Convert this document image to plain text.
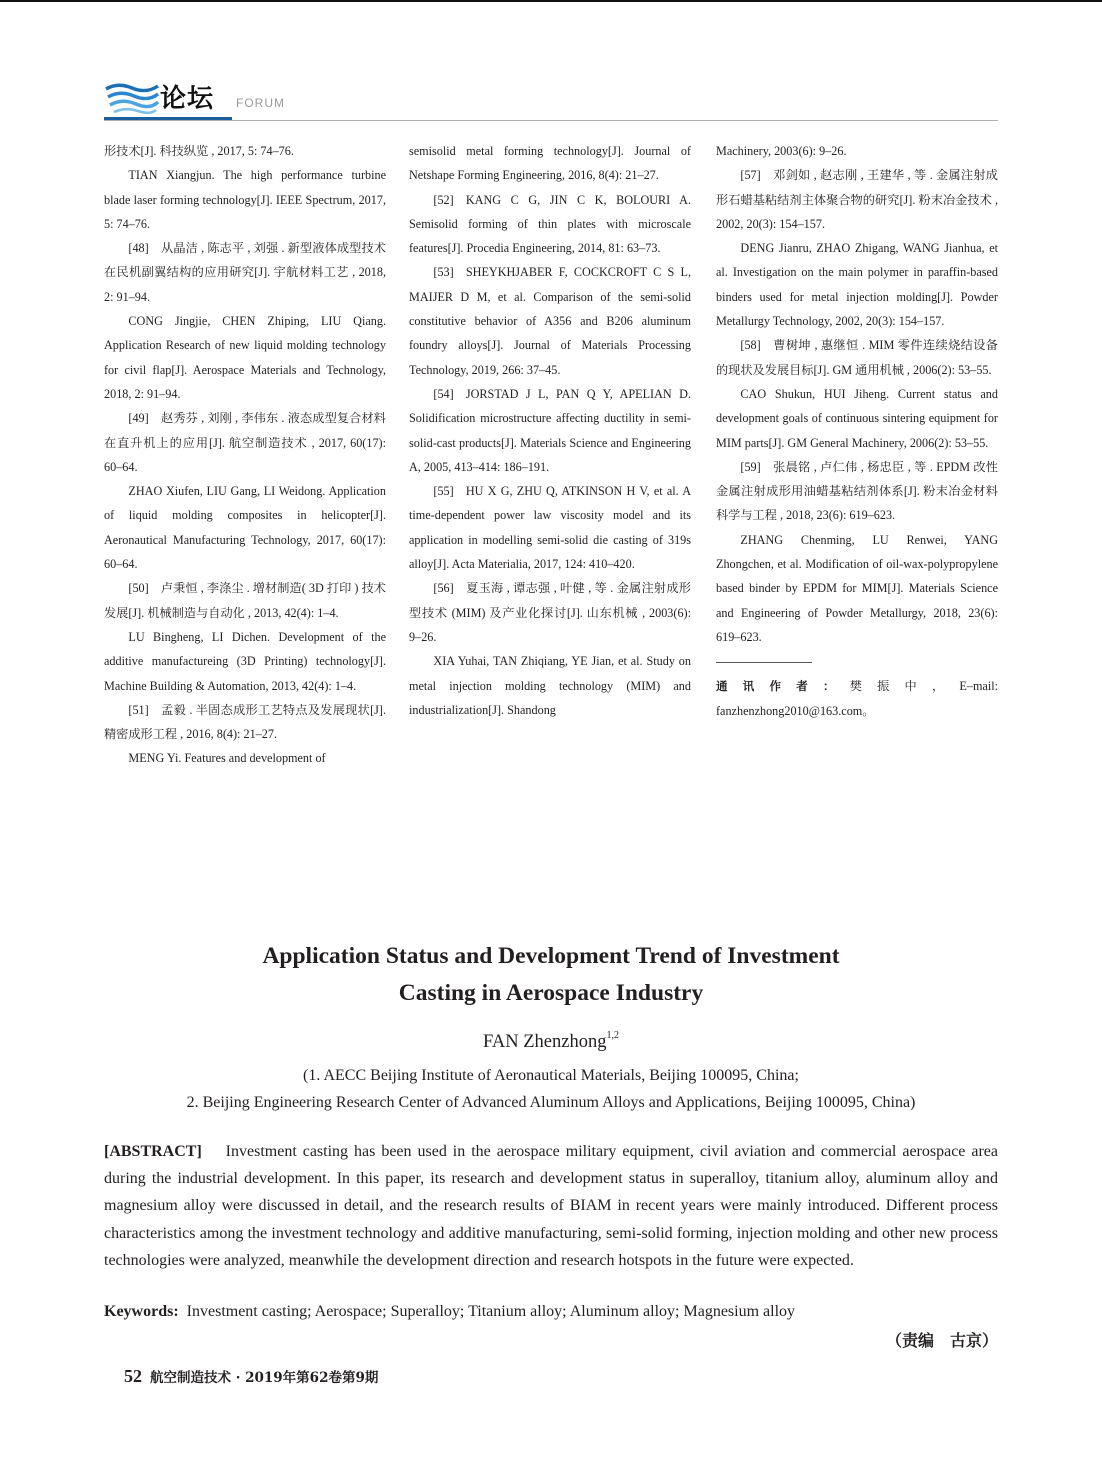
论坛 FORUM

形技术[J]. 科技纵览 , 2017, 5: 74–76.

TIAN Xiangjun. The high performance turbine blade laser forming technology[J]. IEEE Spectrum, 2017, 5: 74–76.

[48] 从晶洁 , 陈志平 , 刘强 . 新型液体成型技术在民机副翼结构的应用研究[J]. 宇航材料工艺 , 2018, 2: 91–94.

CONG Jingjie, CHEN Zhiping, LIU Qiang. Application Research of new liquid molding technology for civil flap[J]. Aerospace Materials and Technology, 2018, 2: 91–94.

[49] 赵秀芬 , 刘刚 , 李伟东 . 液态成型复合材料在直升机上的应用[J]. 航空制造技术 , 2017, 60(17): 60–64.

ZHAO Xiufen, LIU Gang, LI Weidong. Application of liquid molding composites in helicopter[J]. Aeronautical Manufacturing Technology, 2017, 60(17): 60–64.

[50] 卢秉恒 , 李涤尘 . 增材制造( 3D 打印 ) 技术发展[J]. 机械制造与自动化 , 2013, 42(4): 1–4.

LU Bingheng, LI Dichen. Development of the additive manufactureing (3D Printing) technology[J]. Machine Building & Automation, 2013, 42(4): 1–4.

[51] 孟毅 . 半固态成形工艺特点及发展现状[J]. 精密成形工程 , 2016, 8(4): 21–27.

MENG Yi. Features and development of

semisolid metal forming technology[J]. Journal of Netshape Forming Engineering, 2016, 8(4): 21–27.

[52] KANG C G, JIN C K, BOLOURI A. Semisolid forming of thin plates with microscale features[J]. Procedia Engineering, 2014, 81: 63–73.

[53] SHEYKHJABER F, COCKCROFT C S L, MAIJER D M, et al. Comparison of the semi-solid constitutive behavior of A356 and B206 aluminum foundry alloys[J]. Journal of Materials Processing Technology, 2019, 266: 37–45.

[54] JORSTAD J L, PAN Q Y, APELIAN D. Solidification microstructure affecting ductility in semi-solid-cast products[J]. Materials Science and Engineering A, 2005, 413–414: 186–191.

[55] HU X G, ZHU Q, ATKINSON H V, et al. A time-dependent power law viscosity model and its application in modelling semi-solid die casting of 319s alloy[J]. Acta Materialia, 2017, 124: 410–420.

[56] 夏玉海 , 谭志强 , 叶健 , 等 . 金属注射成形型技术 (MIM) 及产业化探讨[J]. 山东机械 , 2003(6): 9–26.

XIA Yuhai, TAN Zhiqiang, YE Jian, et al. Study on metal injection molding technology (MIM) and industrialization[J]. Shandong

Machinery, 2003(6): 9–26.

[57] 邓剑如 , 赵志刚 , 王建华 , 等 . 金属注射成形石蜡基粘结剂主体聚合物的研究[J]. 粉末冶金技术 , 2002, 20(3): 154–157.

DENG Jianru, ZHAO Zhigang, WANG Jianhua, et al. Investigation on the main polymer in paraffin-based binders used for metal injection molding[J]. Powder Metallurgy Technology, 2002, 20(3): 154–157.

[58] 曹树坤 , 惠继恒 . MIM 零件连续烧结设备的现状及发展目标[J]. GM 通用机械 , 2006(2): 53–55.

CAO Shukun, HUI Jiheng. Current status and development goals of continuous sintering equipment for MIM parts[J]. GM General Machinery, 2006(2): 53–55.

[59] 张晨铭 , 卢仁伟 , 杨忠臣 , 等 . EPDM 改性金属注射成形用油蜡基粘结剂体系[J]. 粉末冶金材料科学与工程 , 2018, 23(6): 619–623.

ZHANG Chenming, LU Renwei, YANG Zhongchen, et al. Modification of oil-wax-polypropylene based binder by EPDM for MIM[J]. Materials Science and Engineering of Powder Metallurgy, 2018, 23(6): 619–623.

通讯作者：樊振中，E–mail: fanzhenzhong2010@163.com。

Application Status and Development Trend of Investment
Casting in Aerospace Industry
FAN Zhenzhong$^{1,2}$
(1. AECC Beijing Institute of Aeronautical Materials, Beijing 100095, China;
2. Beijing Engineering Research Center of Advanced Aluminum Alloys and Applications, Beijing 100095, China)
[ABSTRACT] Investment casting has been used in the aerospace military equipment, civil aviation and commercial aerospace area during the industrial development. In this paper, its research and development status in superalloy, titanium alloy, aluminum alloy and magnesium alloy were discussed in detail, and the research results of BIAM in recent years were mainly introduced. Different process characteristics among the investment technology and additive manufacturing, semi-solid forming, injection molding and other new process technologies were analyzed, meanwhile the development direction and research hotspots in the future were expected.
Keywords: Investment casting; Aerospace; Superalloy; Titanium alloy; Aluminum alloy; Magnesium alloy
（责编 古京）
52 航空制造技术 · 2019年第62卷第9期
